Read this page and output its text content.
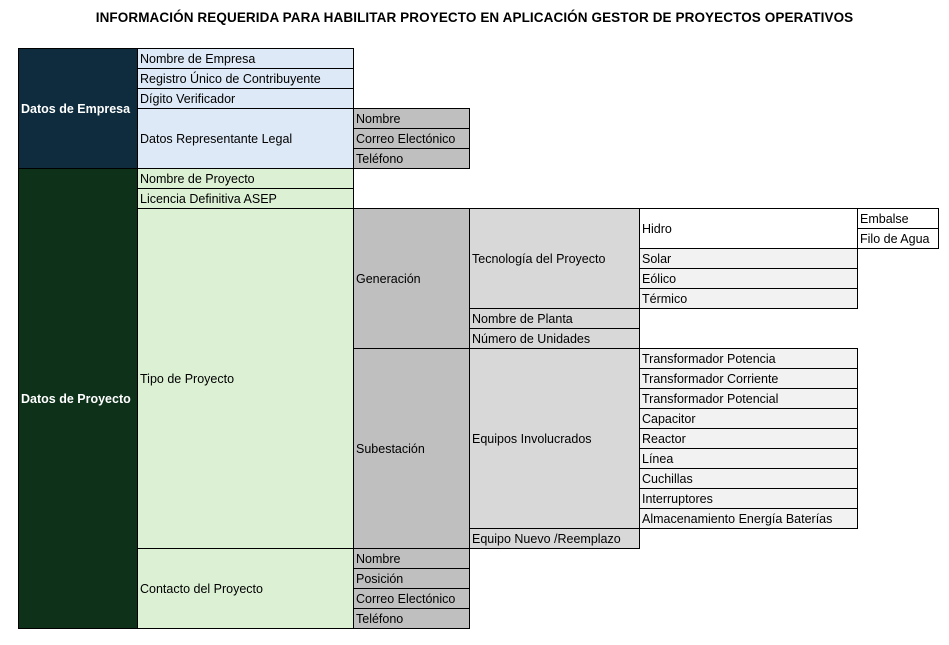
INFORMACIÓN REQUERIDA PARA HABILITAR PROYECTO EN APLICACIÓN GESTOR DE PROYECTOS OPERATIVOS
Datos de Empresa
Nombre de Empresa
Registro Único de Contribuyente
Dígito Verificador
Datos Representante Legal
Nombre
Correo Electónico
Teléfono
Datos de Proyecto
Nombre de Proyecto
Licencia Definitiva ASEP
Tipo de Proyecto
Generación
Tecnología del Proyecto
Hidro
Embalse
Filo de Agua
Solar
Eólico
Térmico
Nombre de Planta
Número de Unidades
Subestación
Equipos Involucrados
Transformador Potencia
Transformador Corriente
Transformador Potencial
Capacitor
Reactor
Línea
Cuchillas
Interruptores
Almacenamiento Energía Baterías
Equipo Nuevo /Reemplazo
Contacto del Proyecto
Nombre
Posición
Correo Electónico
Teléfono
